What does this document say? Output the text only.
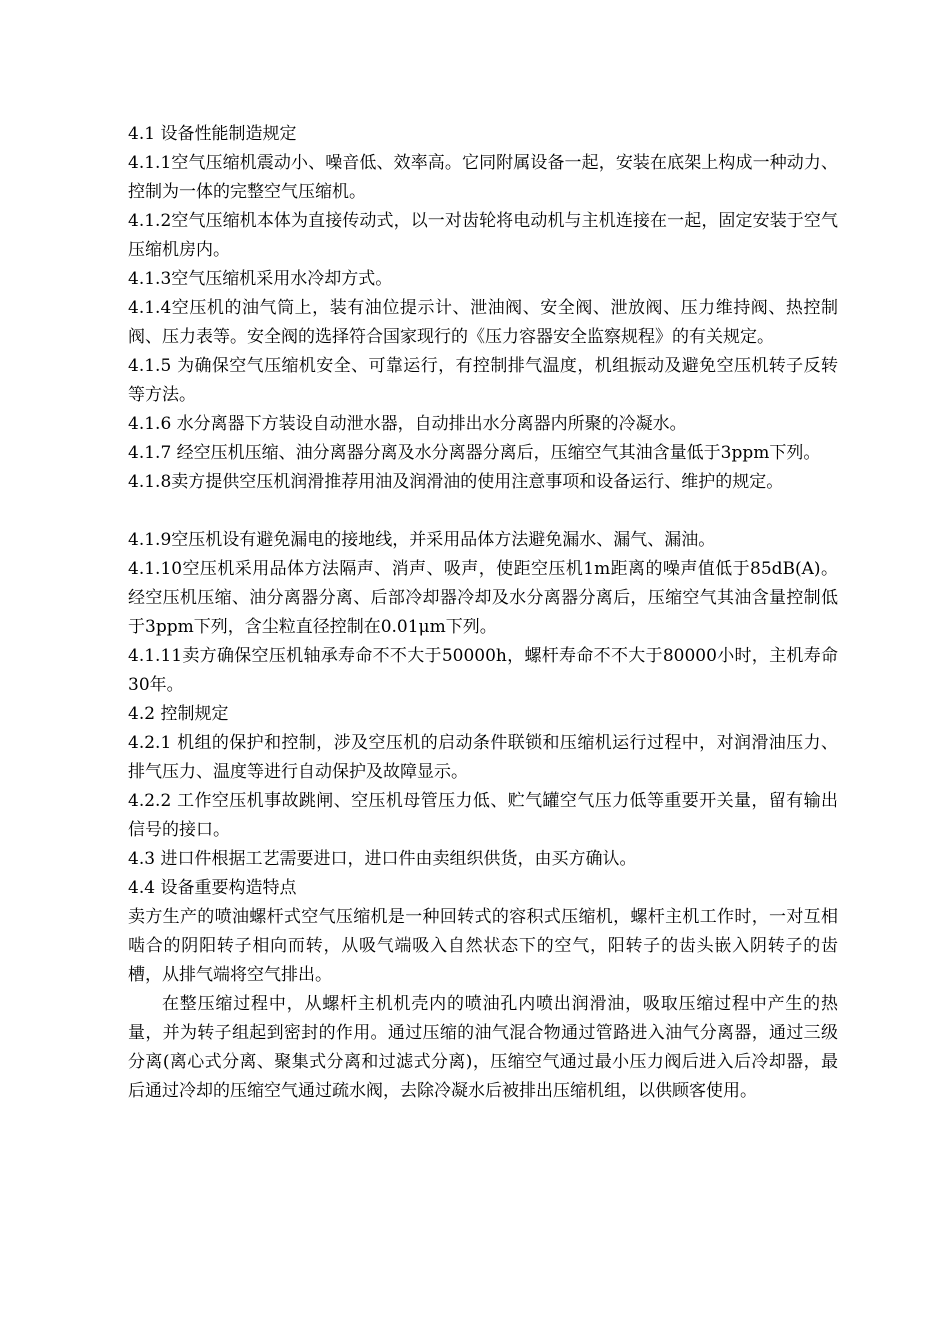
4.1 设备性能制造规定

4.1.1空气压缩机震动小、噪音低、效率高。它同附属设备一起，安装在底架上构成一种动力、控制为一体的完整空气压缩机。

4.1.2空气压缩机本体为直接传动式，以一对齿轮将电动机与主机连接在一起，固定安装于空气压缩机房内。

4.1.3空气压缩机采用水冷却方式。

4.1.4空压机的油气筒上，装有油位提示计、泄油阀、安全阀、泄放阀、压力维持阀、热控制阀、压力表等。安全阀的选择符合国家现行的《压力容器安全监察规程》的有关规定。

4.1.5 为确保空气压缩机安全、可靠运行，有控制排气温度，机组振动及避免空压机转子反转等方法。

4.1.6 水分离器下方装设自动泄水器，自动排出水分离器内所聚的冷凝水。

4.1.7 经空压机压缩、油分离器分离及水分离器分离后，压缩空气其油含量低于3ppm下列。

4.1.8卖方提供空压机润滑推荐用油及润滑油的使用注意事项和设备运行、维护的规定。

4.1.9空压机设有避免漏电的接地线，并采用品体方法避免漏水、漏气、漏油。

4.1.10空压机采用品体方法隔声、消声、吸声，使距空压机1m距离的噪声值低于85dB(A)。经空压机压缩、油分离器分离、后部冷却器冷却及水分离器分离后，压缩空气其油含量控制低于3ppm下列，含尘粒直径控制在0.01μm下列。

4.1.11卖方确保空压机轴承寿命不不大于50000h，螺杆寿命不不大于80000小时，主机寿命30年。

4.2 控制规定

4.2.1 机组的保护和控制，涉及空压机的启动条件联锁和压缩机运行过程中，对润滑油压力、排气压力、温度等进行自动保护及故障显示。

4.2.2 工作空压机事故跳闸、空压机母管压力低、贮气罐空气压力低等重要开关量，留有输出信号的接口。

4.3 进口件根据工艺需要进口，进口件由卖组织供货，由买方确认。

4.4 设备重要构造特点

卖方生产的喷油螺杆式空气压缩机是一种回转式的容积式压缩机，螺杆主机工作时，一对互相啮合的阴阳转子相向而转，从吸气端吸入自然状态下的空气，阳转子的齿头嵌入阴转子的齿槽，从排气端将空气排出。

在整压缩过程中，从螺杆主机机壳内的喷油孔内喷出润滑油，吸取压缩过程中产生的热量，并为转子组起到密封的作用。通过压缩的油气混合物通过管路进入油气分离器，通过三级分离(离心式分离、聚集式分离和过滤式分离)，压缩空气通过最小压力阀后进入后冷却器，最后通过冷却的压缩空气通过疏水阀，去除冷凝水后被排出压缩机组，以供顾客使用。
